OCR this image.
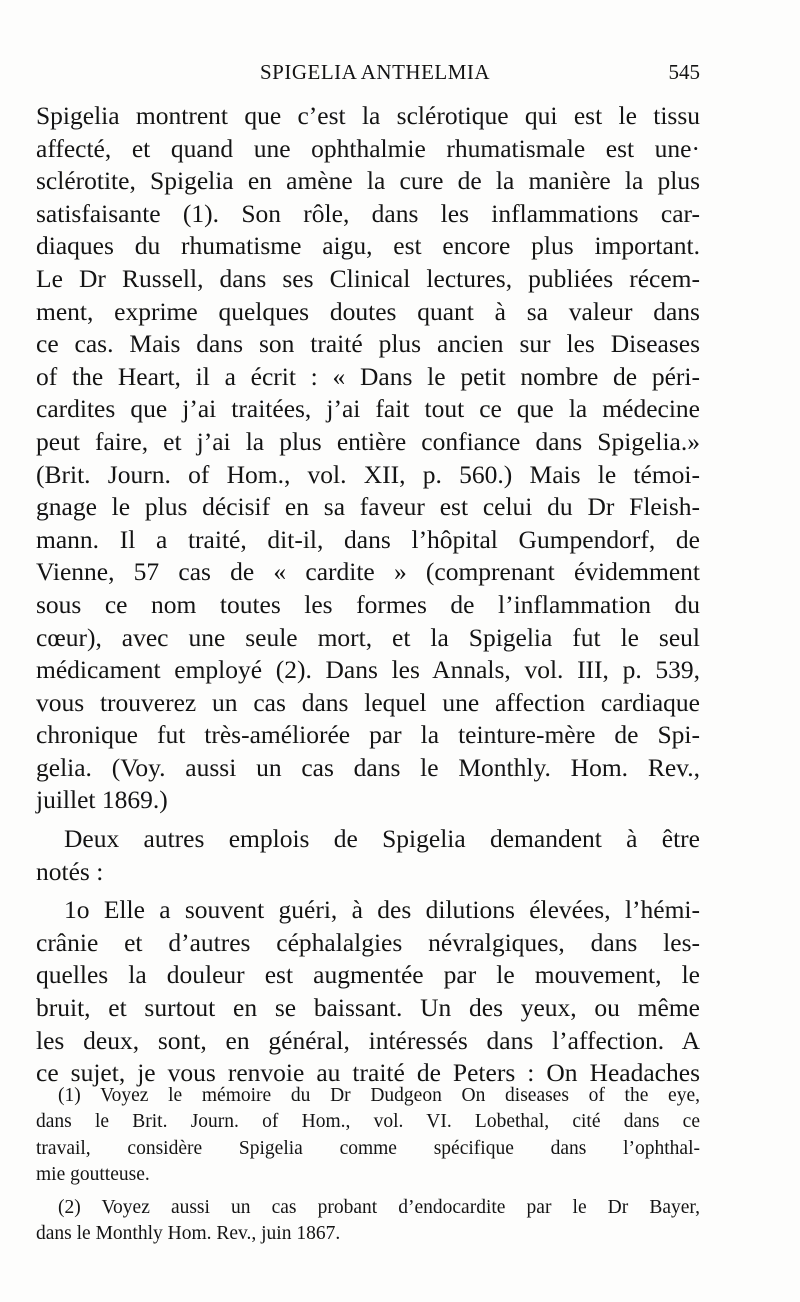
SPIGELIA ANTHELMIA	545
Spigelia montrent que c’est la sclérotique qui est le tissu
affecté, et quand une ophthalmie rhumatismale est une·
sclérotite, Spigelia en amène la cure de la manière la plus
satisfaisante (1). Son rôle, dans les inflammations car-
diaques du rhumatisme aigu, est encore plus important.
Le Dr Russell, dans ses Clinical lectures, publiées récem-
ment, exprime quelques doutes quant à sa valeur dans
ce cas. Mais dans son traité plus ancien sur les Diseases
of the Heart, il a écrit : « Dans le petit nombre de péri-
cardites que j’ai traitées, j’ai fait tout ce que la médecine
peut faire, et j’ai la plus entière confiance dans Spigelia.»
(Brit. Journ. of Hom., vol. XII, p. 560.) Mais le témoi-
gnage le plus décisif en sa faveur est celui du Dr Fleish-
mann. Il a traité, dit-il, dans l’hôpital Gumpendorf, de
Vienne, 57 cas de « cardite » (comprenant évidemment
sous ce nom toutes les formes de l’inflammation du
cœur), avec une seule mort, et la Spigelia fut le seul
médicament employé (2). Dans les Annals, vol. III, p. 539,
vous trouverez un cas dans lequel une affection cardiaque
chronique fut très-améliorée par la teinture-mère de Spi-
gelia. (Voy. aussi un cas dans le Monthly. Hom. Rev.,
juillet 1869.)
Deux autres emplois de Spigelia demandent à être
notés :
1o Elle a souvent guéri, à des dilutions élevées, l’hémi-
crânie et d’autres céphalalgies névralgiques, dans les-
quelles la douleur est augmentée par le mouvement, le
bruit, et surtout en se baissant. Un des yeux, ou même
les deux, sont, en général, intéressés dans l’affection. A
ce sujet, je vous renvoie au traité de Peters : On Headaches
(1) Voyez le mémoire du Dr Dudgeon On diseases of the eye,
dans le Brit. Journ. of Hom., vol. VI. Lobethal, cité dans ce
travail, considère Spigelia comme spécifique dans l’ophthal-
mie goutteuse.
(2) Voyez aussi un cas probant d’endocardite par le Dr Bayer,
dans le Monthly Hom. Rev., juin 1867.
